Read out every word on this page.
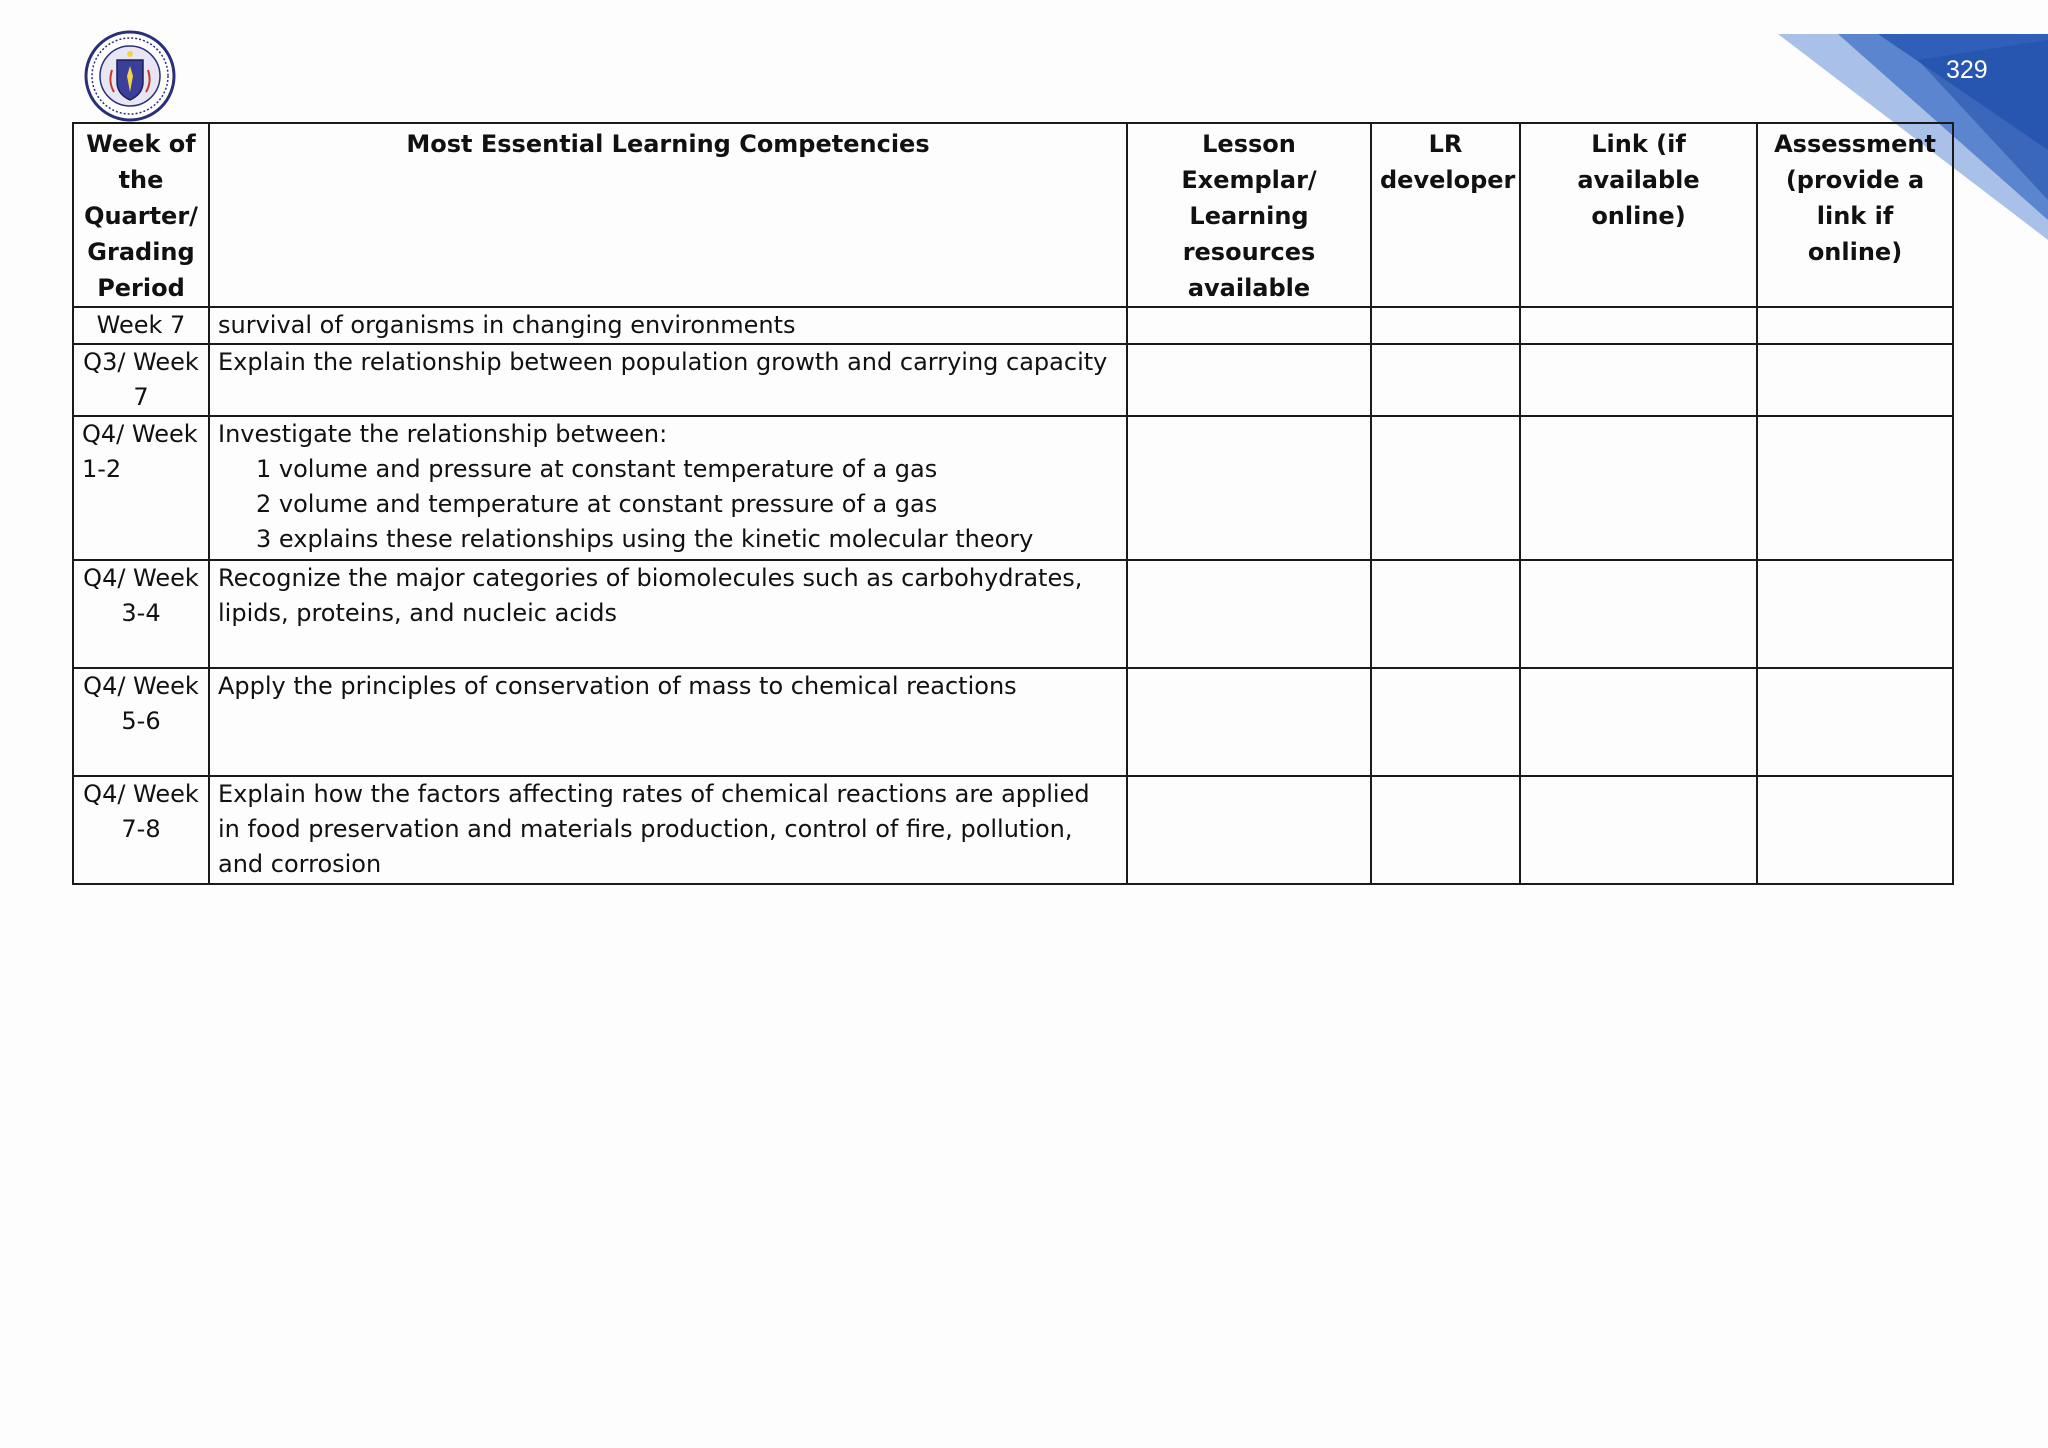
329
Week of the Quarter/ Grading Period	Most Essential Learning Competencies	Lesson Exemplar/ Learning resources available	LR developer	Link (if available online)	Assessment (provide a link if online)
Week 7	survival of organisms in changing environments				
Q3/ Week 7	Explain the relationship between population growth and carrying capacity				
Q4/ Week 1-2	Investigate the relationship between:
1 volume and pressure at constant temperature of a gas
2 volume and temperature at constant pressure of a gas
3 explains these relationships using the kinetic molecular theory				

Q4/ Week 3-4	Recognize the major categories of biomolecules such as carbohydrates, lipids, proteins, and nucleic acids				
Q4/ Week 5-6	Apply the principles of conservation of mass to chemical reactions				
Q4/ Week 7-8	Explain how the factors affecting rates of chemical reactions are applied in food preservation and materials production, control of fire, pollution, and corrosion				
